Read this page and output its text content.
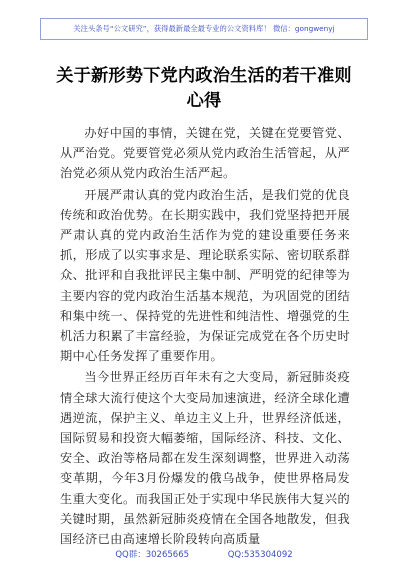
关注头条号“公文研究”，获得最新最全最专业的公文资料库！ 微信：gongwenyj
关于新形势下党内政治生活的若干准则心得

办好中国的事情，关键在党，关键在党要管党、从严治党。党要管党必须从党内政治生活管起，从严治党必须从党内政治生活严起。

开展严肃认真的党内政治生活，是我们党的优良传统和政治优势。在长期实践中，我们党坚持把开展严肃认真的党内政治生活作为党的建设重要任务来抓，形成了以实事求是、理论联系实际、密切联系群众、批评和自我批评民主集中制、严明党的纪律等为主要内容的党内政治生活基本规范，为巩固党的团结和集中统一、保持党的先进性和纯洁性、增强党的生机活力积累了丰富经验，为保证完成党在各个历史时期中心任务发挥了重要作用。

当今世界正经历百年未有之大变局，新冠肺炎疫情全球大流行使这个大变局加速演进，经济全球化遭遇逆流，保护主义、单边主义上升，世界经济低迷，国际贸易和投资大幅萎缩，国际经济、科技、文化、安全、政治等格局都在发生深刻调整，世界进入动荡变革期，今年3月份爆发的俄乌战争，使世界格局发生重大变化。而我国正处于实现中华民族伟大复兴的关键时期，虽然新冠肺炎疫情在全国各地散发，但我国经济已由高速增长阶段转向高质量

QQ群：30265665	QQ:535304092
